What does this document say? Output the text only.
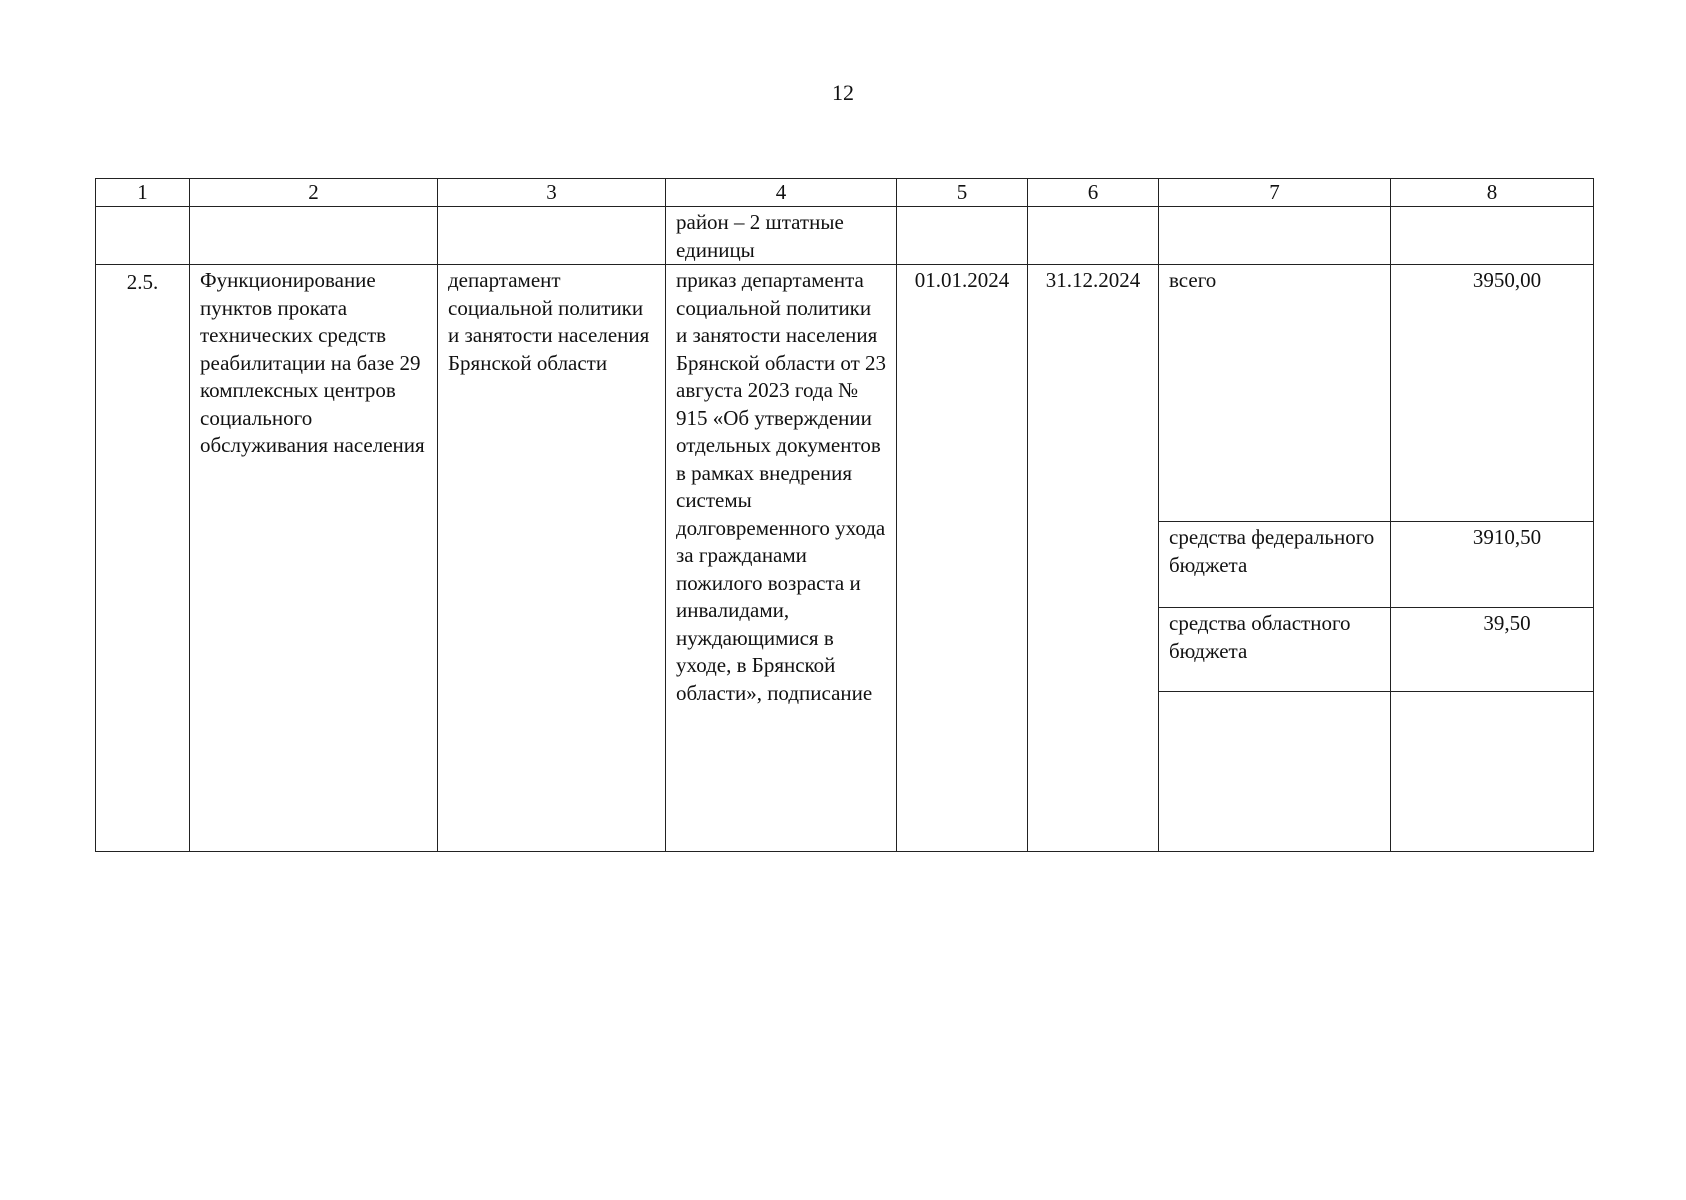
12
1	2	3	4	5	6	7	8
			район – 2 штатные единицы				
2.5.	Функционирование пунктов проката технических средств реабилитации на базе 29 комплексных центров социального обслуживания населения	департамент социальной политики и занятости населения Брянской области	приказ департамента социальной политики и занятости населения Брянской области от 23 августа 2023 года № 915 «Об утверждении отдельных документов в рамках внедрения системы долговременного ухода за гражданами пожилого возраста и инвалидами, нуждающимися в уходе, в Брянской области», подписание	01.01.2024	31.12.2024	всего	3950,00
						средства федерального бюджета	3910,50
						средства областного бюджета	39,50
